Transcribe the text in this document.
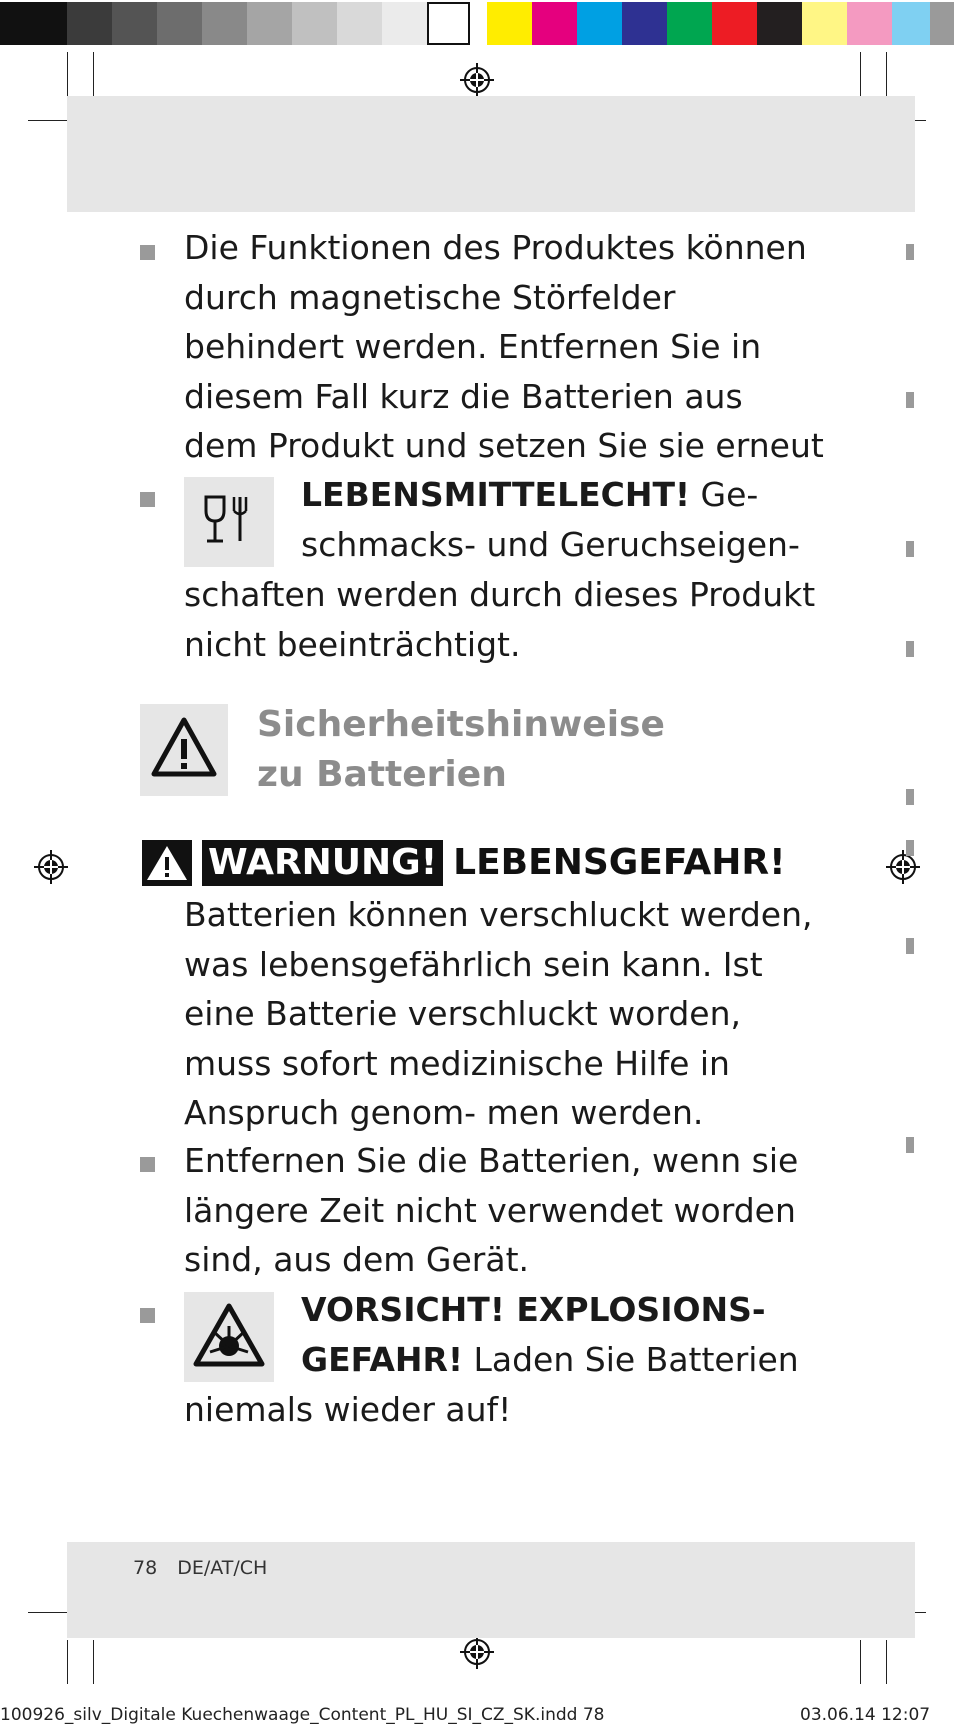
Die Funktionen des Produktes können durch magnetische Störfelder behindert werden. Entfernen Sie in diesem Fall kurz die Batterien aus dem Produkt und setzen Sie sie erneut

LEBENSMITTELECHT! Ge-
schmacks- und Geruchseigen-

schaften werden durch dieses Produkt nicht beeinträchtigt.

Sicherheitshinweise
zu Batterien
WARNUNG! LEBENSGEFAHR!

Batterien können verschluckt werden, was lebensgefährlich sein kann. Ist eine Batterie verschluckt worden, muss sofort medizinische Hilfe in Anspruch genom- men werden.

Entfernen Sie die Batterien, wenn sie längere Zeit nicht verwendet worden sind, aus dem Gerät.

VORSICHT! EXPLOSIONS-
GEFAHR! Laden Sie Batterien

niemals wieder auf!

78 DE/AT/CH
100926_silv_Digitale Kuechenwaage_Content_PL_HU_SI_CZ_SK.indd 78	03.06.14 12:07
